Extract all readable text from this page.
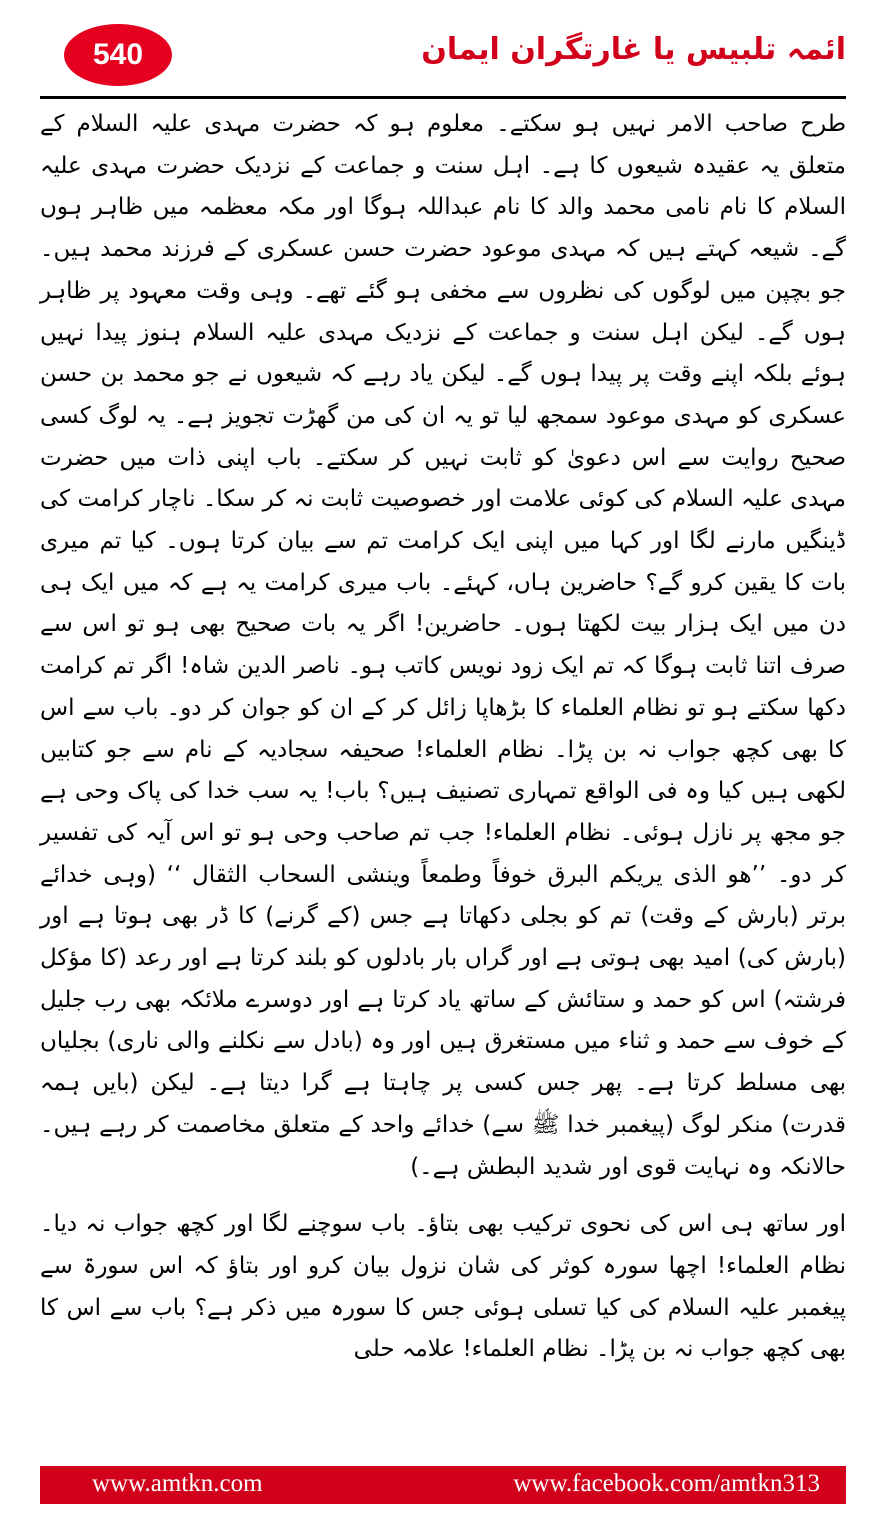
540	ائمہ تلبیس یا غارتگران ایمان

طرح صاحب الامر نہیں ہو سکتے۔ معلوم ہو کہ حضرت مہدی علیہ السلام کے متعلق یہ عقیدہ شیعوں کا ہے۔ اہل سنت و جماعت کے نزدیک حضرت مہدی علیہ السلام کا نام نامی محمد والد کا نام عبداللہ ہوگا اور مکہ معظمہ میں ظاہر ہوں گے۔ شیعہ کہتے ہیں کہ مہدی موعود حضرت حسن عسکری کے فرزند محمد ہیں۔ جو بچپن میں لوگوں کی نظروں سے مخفی ہو گئے تھے۔ وہی وقت معہود پر ظاہر ہوں گے۔ لیکن اہل سنت و جماعت کے نزدیک مہدی علیہ السلام ہنوز پیدا نہیں ہوئے بلکہ اپنے وقت پر پیدا ہوں گے۔ لیکن یاد رہے کہ شیعوں نے جو محمد بن حسن عسکری کو مہدی موعود سمجھ لیا تو یہ ان کی من گھڑت تجویز ہے۔ یہ لوگ کسی صحیح روایت سے اس دعویٰ کو ثابت نہیں کر سکتے۔ باب اپنی ذات میں حضرت مہدی علیہ السلام کی کوئی علامت اور خصوصیت ثابت نہ کر سکا۔ ناچار کرامت کی ڈینگیں مارنے لگا اور کہا میں اپنی ایک کرامت تم سے بیان کرتا ہوں۔ کیا تم میری بات کا یقین کرو گے؟ حاضرین ہاں، کہئے۔ باب میری کرامت یہ ہے کہ میں ایک ہی دن میں ایک ہزار بیت لکھتا ہوں۔ حاضرین! اگر یہ بات صحیح بھی ہو تو اس سے صرف اتنا ثابت ہوگا کہ تم ایک زود نویس کاتب ہو۔ ناصر الدین شاہ! اگر تم کرامت دکھا سکتے ہو تو نظام العلماء کا بڑھاپا زائل کر کے ان کو جوان کر دو۔ باب سے اس کا بھی کچھ جواب نہ بن پڑا۔ نظام العلماء! صحیفہ سجادیہ کے نام سے جو کتابیں لکھی ہیں کیا وہ فی الواقع تمہاری تصنیف ہیں؟ باب! یہ سب خدا کی پاک وحی ہے جو مجھ پر نازل ہوئی۔ نظام العلماء! جب تم صاحب وحی ہو تو اس آیہ کی تفسیر کر دو۔ ’’ھو الذی یریکم البرق خوفاً وطمعاً وینشی السحاب الثقال ‘‘ (وہی خدائے برتر (بارش کے وقت) تم کو بجلی دکھاتا ہے جس (کے گرنے) کا ڈر بھی ہوتا ہے اور (بارش کی) امید بھی ہوتی ہے اور گراں بار بادلوں کو بلند کرتا ہے اور رعد (کا مؤکل فرشتہ) اس کو حمد و ستائش کے ساتھ یاد کرتا ہے اور دوسرے ملائکہ بھی رب جلیل کے خوف سے حمد و ثناء میں مستغرق ہیں اور وہ (بادل سے نکلنے والی ناری) بجلیاں بھی مسلط کرتا ہے۔ پھر جس کسی پر چاہتا ہے گرا دیتا ہے۔ لیکن (بایں ہمہ قدرت) منکر لوگ (پیغمبر خدا ﷺ سے) خدائے واحد کے متعلق مخاصمت کر رہے ہیں۔ حالانکہ وہ نہایت قوی اور شدید البطش ہے۔)

اور ساتھ ہی اس کی نحوی ترکیب بھی بتاؤ۔ باب سوچنے لگا اور کچھ جواب نہ دیا۔ نظام العلماء! اچھا سورہ کوثر کی شان نزول بیان کرو اور بتاؤ کہ اس سورۃ سے پیغمبر علیہ السلام کی کیا تسلی ہوئی جس کا سورہ میں ذکر ہے؟ باب سے اس کا بھی کچھ جواب نہ بن پڑا۔ نظام العلماء! علامہ حلی

www.amtkn.com	www.facebook.com/amtkn313
